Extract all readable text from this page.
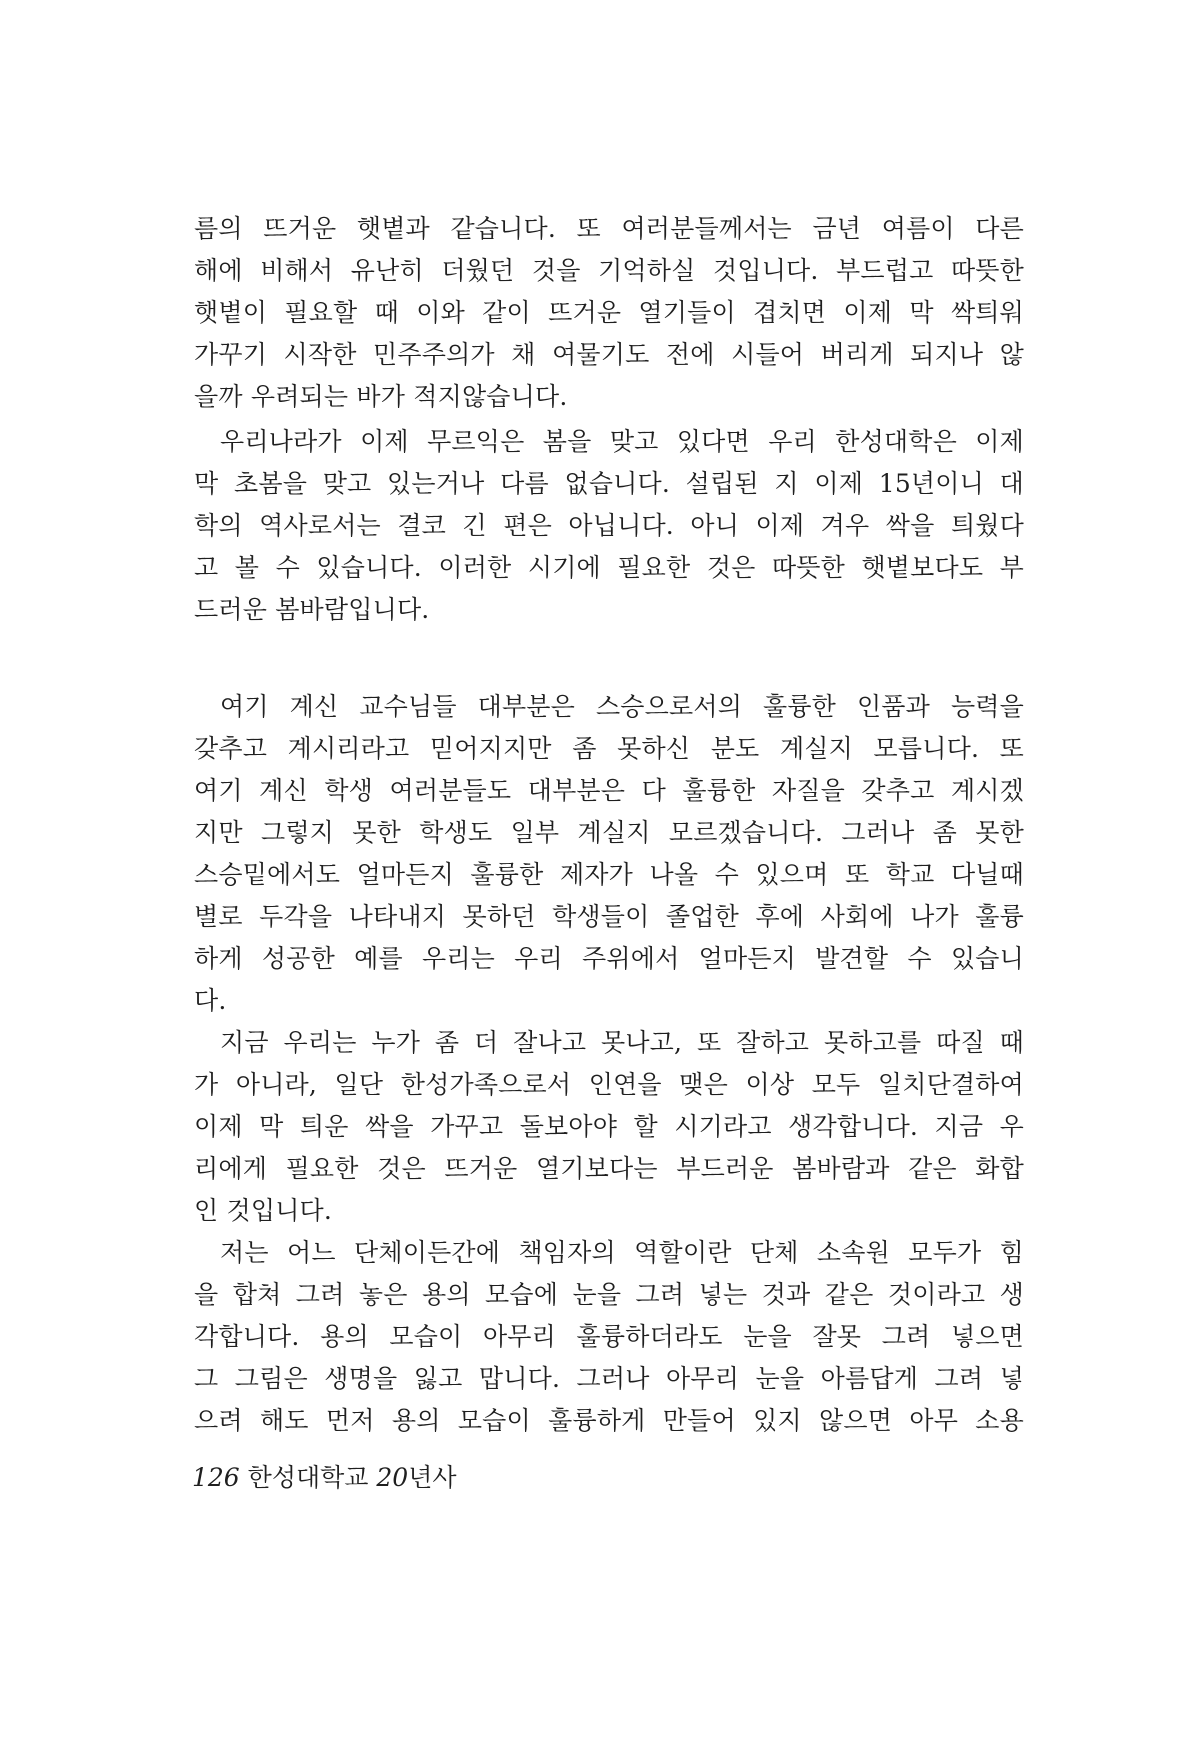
름의 뜨거운 햇볕과 같습니다. 또 여러분들께서는 금년 여름이 다른
해에 비해서 유난히 더웠던 것을 기억하실 것입니다. 부드럽고 따뜻한
햇볕이 필요할 때 이와 같이 뜨거운 열기들이 겹치면 이제 막 싹틔워
가꾸기 시작한 민주주의가 채 여물기도 전에 시들어 버리게 되지나 않
을까 우려되는 바가 적지않습니다.
우리나라가 이제 무르익은 봄을 맞고 있다면 우리 한성대학은 이제
막 초봄을 맞고 있는거나 다름 없습니다. 설립된 지 이제 15년이니 대
학의 역사로서는 결코 긴 편은 아닙니다. 아니 이제 겨우 싹을 틔웠다
고 볼 수 있습니다. 이러한 시기에 필요한 것은 따뜻한 햇볕보다도 부
드러운 봄바람입니다.
여기 계신 교수님들 대부분은 스승으로서의 훌륭한 인품과 능력을
갖추고 계시리라고 믿어지지만 좀 못하신 분도 계실지 모릅니다. 또
여기 계신 학생 여러분들도 대부분은 다 훌륭한 자질을 갖추고 계시겠
지만 그렇지 못한 학생도 일부 계실지 모르겠습니다. 그러나 좀 못한
스승밑에서도 얼마든지 훌륭한 제자가 나올 수 있으며 또 학교 다닐때
별로 두각을 나타내지 못하던 학생들이 졸업한 후에 사회에 나가 훌륭
하게 성공한 예를 우리는 우리 주위에서 얼마든지 발견할 수 있습니
다.
지금 우리는 누가 좀 더 잘나고 못나고, 또 잘하고 못하고를 따질 때
가 아니라, 일단 한성가족으로서 인연을 맺은 이상 모두 일치단결하여
이제 막 틔운 싹을 가꾸고 돌보아야 할 시기라고 생각합니다. 지금 우
리에게 필요한 것은 뜨거운 열기보다는 부드러운 봄바람과 같은 화합
인 것입니다.
저는 어느 단체이든간에 책임자의 역할이란 단체 소속원 모두가 힘
을 합쳐 그려 놓은 용의 모습에 눈을 그려 넣는 것과 같은 것이라고 생
각합니다. 용의 모습이 아무리 훌륭하더라도 눈을 잘못 그려 넣으면
그 그림은 생명을 잃고 맙니다. 그러나 아무리 눈을 아름답게 그려 넣
으려 해도 먼저 용의 모습이 훌륭하게 만들어 있지 않으면 아무 소용
126 한성대학교 20년사
